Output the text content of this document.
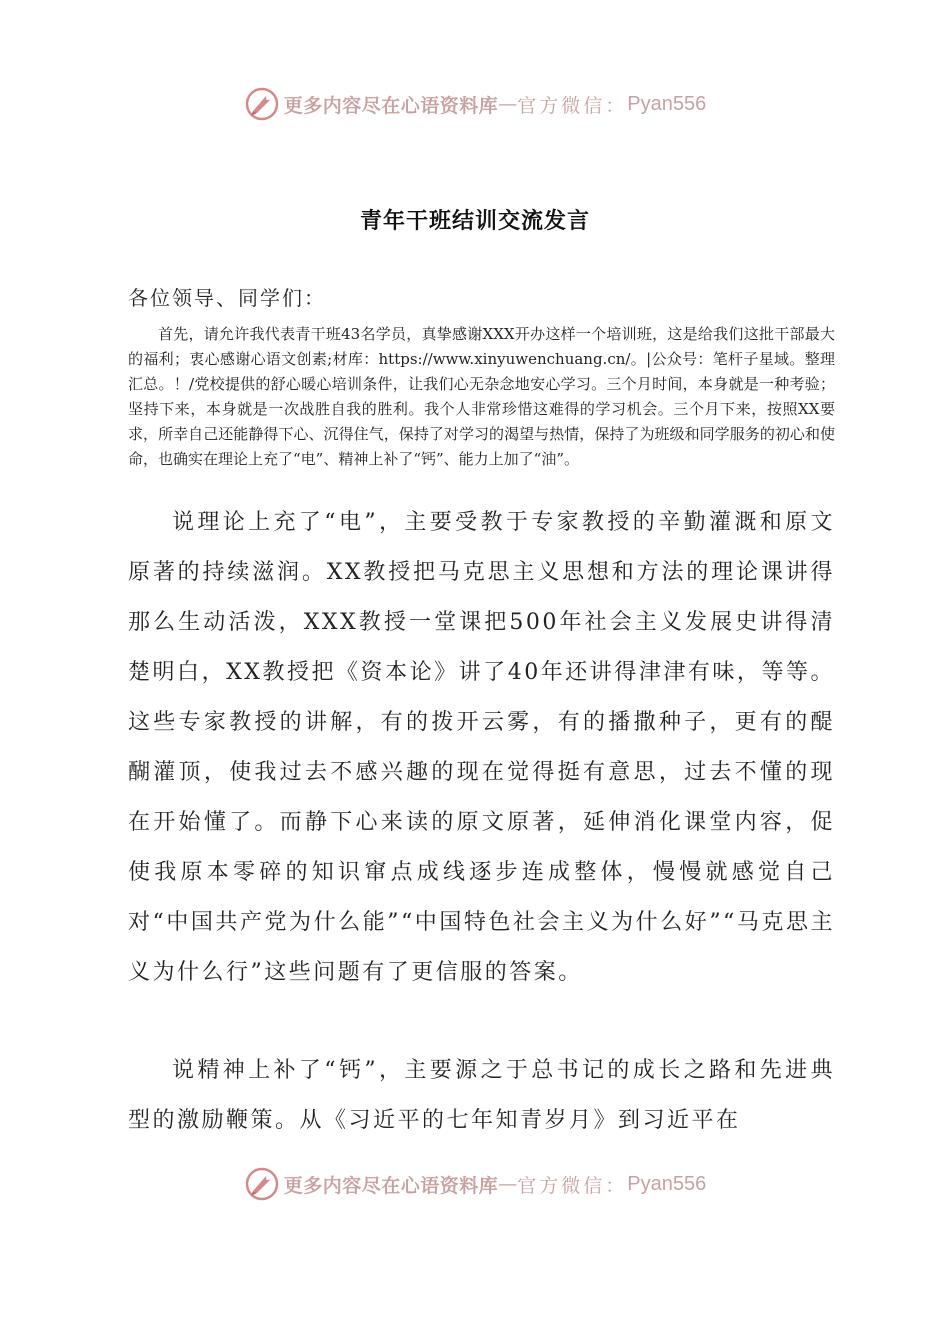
更多内容尽在心语资料库 — 官方微信： Pyan556
青年干班结训交流发言
各位领导、同学们：

首先，请允许我代表青干班43名学员，真挚感谢XXX开办这样一个培训班，这是给我们这批干部最大的福利；衷心感谢心语文创素;材库：https://www.xinyuwenchuang.cn/。|公众号：笔杆子星域。整理汇总。！/党校提供的舒心暖心培训条件，让我们心无杂念地安心学习。三个月时间，本身就是一种考验；坚持下来，本身就是一次战胜自我的胜利。我个人非常珍惜这难得的学习机会。三个月下来，按照XX要求，所幸自己还能静得下心、沉得住气，保持了对学习的渴望与热情，保持了为班级和同学服务的初心和使命，也确实在理论上充了“电”、精神上补了“钙”、能力上加了“油”。

说理论上充了“电”，主要受教于专家教授的辛勤灌溉和原文原著的持续滋润。XX教授把马克思主义思想和方法的理论课讲得那么生动活泼，XXX教授一堂课把500年社会主义发展史讲得清楚明白，XX教授把《资本论》讲了40年还讲得津津有味，等等。这些专家教授的讲解，有的拨开云雾，有的播撒种子，更有的醍醐灌顶，使我过去不感兴趣的现在觉得挺有意思，过去不懂的现在开始懂了。而静下心来读的原文原著，延伸消化课堂内容，促使我原本零碎的知识窜点成线逐步连成整体，慢慢就感觉自己对“中国共产党为什么能”“中国特色社会主义为什么好”“马克思主义为什么行”这些问题有了更信服的答案。

说精神上补了“钙”，主要源之于总书记的成长之路和先进典型的激励鞭策。从《习近平的七年知青岁月》到习近平在

更多内容尽在心语资料库 — 官方微信： Pyan556
